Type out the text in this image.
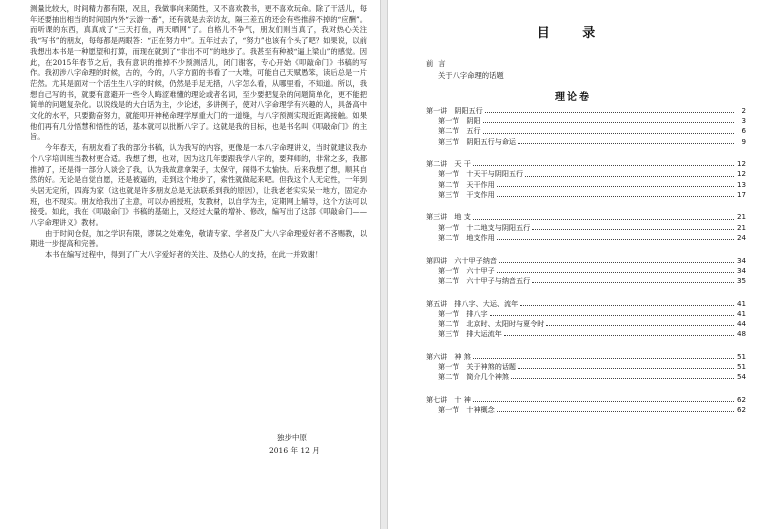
测量比较大，时间精力都有限，况且，我做事向来随性，又不喜欢教书，更不喜欢玩命。除了干活儿，每年还要抽出相当的时间国内外“云游一番”，还有就是去亲访友，隔三差五的还会有些推辞不掉的“应酬”。而听课的东西，真真成了“三天打鱼，两天晒网”了。自格儿不争气，朋友们则当真了，我对热心关注我“写书”的朋友，每每都是两眼答：“正在努力中”。五年过去了，“努力”也该有个头了吧？如果说，以前我想出本书是一种愿望和打算，而现在就到了“非出不可”的地步了。我甚至有种被“逼上梁山”的感觉。因此，在2015年春节之后，我有意识的推掉不少预测活儿，闭门谢客，专心开始《叩敲命门》书稿的写作。我初涉八字命理的时候，古的，今的，八字方面的书看了一大堆，可能自己天赋愚笨，读后总是一片茫然。尤其是面对一个活生生八字的时候，仍然是手足无措，八字怎么看，从哪里看，不知道。所以，我想自己写的书，就要有意避开一些令人晦涩难懂的理论或者名词，至少要把复杂的问题简单化，更不能把简单的问题复杂化。以说线是的大白话为主，少论述，多讲例子，使对八字命理学有兴趣的人，具备高中文化的水平，只要勤奋努力，就能叩开神秘命理学厚重大门的一道缝，与八字预测实现近距离接触。如果他们再有几分悟慧和悟性的话，基本就可以批断八字了。这就是我的目标，也是书名叫《叩敲命门》的主旨。

今年春天，有朋友看了我的部分书稿，认为我写的内容，更像是一本八字命理讲义，当时就建议我办个八字培训班当教材更合适。我想了想，也对，因为这几年要跟我学八字的，要拜师的，非常之多，我都推掉了，还是得一部分人谈会了我，认为我故意拿架子，太保守，闹得不太愉快。后来我想了想，顺其自然的好。无论是自觉自愿，还是被逼的，走到这个地步了，索性就做起来吧。但我这个人无定性，一年到头居无定所，四海为家（这也就是许多朋友总是无法联系到我的原因），让我老老实实呆一地方，固定办班，也不现实。朋友给我出了主意，可以办函授班，发教材，以自学为主，定期网上辅导，这个方法可以接受。如此，我在《叩敲命门》书稿的基础上，又经过大量的增补、修改，编写出了这部《叩敲命门——八字命理讲义》教材。

由于时间仓促，加之学识有限，谬误之处难免，敬请专家、学者及广大八字命理爱好者不吝赐教，以期进一步提高和完善。

本书在编写过程中，得到了广大八字爱好者的关注、及热心人的支持，在此一并致谢！

独步中原
2016 年 12 月
目 录
前言
关于八字命理的话题
理论卷
第一讲　阴阳五行	2
第一节　阴阳	3
第二节　五行	6
第三节　阴阳五行与命运	9
第二讲　天 干	12
第一节　十天干与阴阳五行	12
第二节　天干作用	13
第三节　干支作用	17
第三讲　地 支	21
第一节　十二地支与阴阳五行	21
第二节　地支作用	24
第四讲　六十甲子纳音	34
第一节　六十甲子	34
第二节　六十甲子与纳音五行	35
第五讲　排八字、大运、流年	41
第一节　排八字	41
第二节　北京时、太阳时与夏令时	44
第三节　排大运流年	48
第六讲　神 煞	51
第一节　关于神煞的话题	51
第二节　简介几个神煞	54
第七讲　十 神	62
第一节　十神概念	62
